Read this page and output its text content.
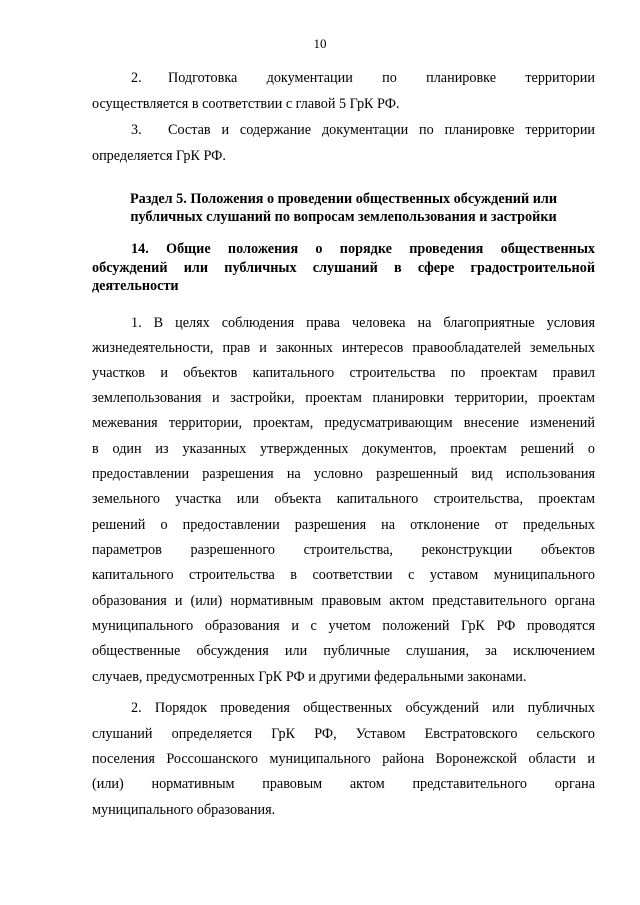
10
2.	Подготовка документации по планировке территории
осуществляется в соответствии с главой 5 ГрК РФ.
3.	Состав и содержание документации по планировке территории
определяется ГрК РФ.
Раздел 5. Положения о проведении общественных обсуждений или
публичных слушаний по вопросам землепользования и застройки
14. Общие положения о порядке проведения общественных
обсуждений или публичных слушаний в сфере градостроительной
деятельности
1. В целях соблюдения права человека на благоприятные условия
жизнедеятельности, прав и законных интересов правообладателей земельных
участков и объектов капитального строительства по проектам правил
землепользования и застройки, проектам планировки территории, проектам
межевания территории, проектам, предусматривающим внесение изменений
в один из указанных утвержденных документов, проектам решений о
предоставлении разрешения на условно разрешенный вид использования
земельного участка или объекта капитального строительства, проектам
решений о предоставлении разрешения на отклонение от предельных
параметров разрешенного строительства, реконструкции объектов
капитального строительства в соответствии с уставом муниципального
образования и (или) нормативным правовым актом представительного органа
муниципального образования и с учетом положений ГрК РФ проводятся
общественные обсуждения или публичные слушания, за исключением
случаев, предусмотренных ГрК РФ и другими федеральными законами.
2. Порядок проведения общественных обсуждений или публичных
слушаний определяется ГрК РФ, Уставом Евстратовского сельского
поселения Россошанского муниципального района Воронежской области и
(или) нормативным правовым актом представительного органа
муниципального образования.
